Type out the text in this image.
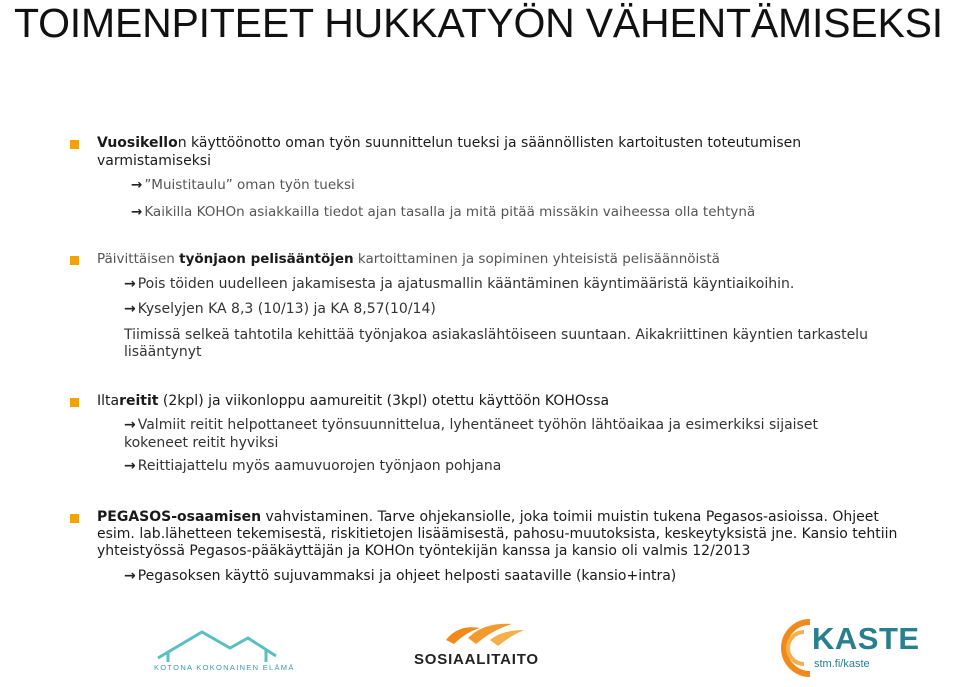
TOIMENPITEET HUKKATYÖN VÄHENTÄMISEKSI
Vuosikellon käyttöönotto oman työn suunnittelun tueksi ja säännöllisten kartoitusten toteutumisen
varmistamiseksi
→ ”Muistitaulu” oman työn tueksi
→ Kaikilla KOHOn asiakkailla tiedot ajan tasalla ja mitä pitää missäkin vaiheessa olla tehtynä
Päivittäisen työnjaon pelisääntöjen kartoittaminen ja sopiminen yhteisistä pelisäännöistä
→ Pois töiden uudelleen jakamisesta ja ajatusmallin kääntäminen käyntimääristä käyntiaikoihin.
→ Kyselyjen KA 8,3 (10/13) ja KA 8,57(10/14)
Tiimissä selkeä tahtotila kehittää työnjakoa asiakaslähtöiseen suuntaan. Aikakriittinen käyntien tarkastelu
lisääntynyt
Iltareitit (2kpl) ja viikonloppu aamureitit (3kpl) otettu käyttöön KOHOssa
→ Valmiit reitit helpottaneet työnsuunnittelua, lyhentäneet työhön lähtöaikaa ja esimerkiksi sijaiset
kokeneet reitit hyviksi
→ Reittiajattelu myös aamuvuorojen työnjaon pohjana
PEGASOS-osaamisen vahvistaminen. Tarve ohjekansiolle, joka toimii muistin tukena Pegasos-asioissa. Ohjeet
esim. lab.lähetteen tekemisestä, riskitietojen lisäämisestä, pahosu-muutoksista, keskeytyksistä jne. Kansio tehtiin
yhteistyössä Pegasos-pääkäyttäjän ja KOHOn työntekijän kanssa ja kansio oli valmis 12/2013
→ Pegasoksen käyttö sujuvammaksi ja ohjeet helposti saataville (kansio+intra)
KOTONA KOKONAINEN ELÄMÄ	SOSIAALITAITO
KASTE
stm.fi/kaste
